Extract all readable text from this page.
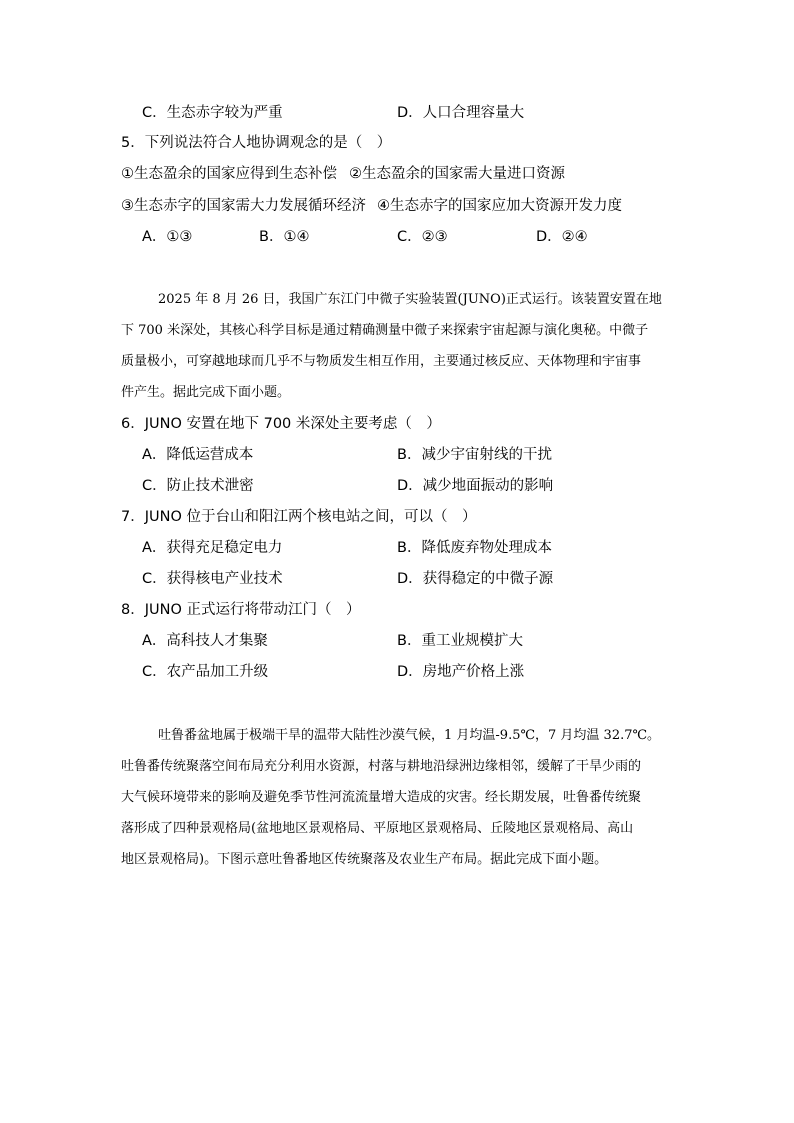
C．生态赤字较为严重	D．人口合理容量大
5．下列说法符合人地协调观念的是（　）
①生态盈余的国家应得到生态补偿 ②生态盈余的国家需大量进口资源
③生态赤字的国家需大力发展循环经济 ④生态赤字的国家应加大资源开发力度
A．①③	B．①④	C．②③	D．②④
2025 年 8 月 26 日，我国广东江门中微子实验装置(JUNO)正式运行。该装置安置在地
下 700 米深处，其核心科学目标是通过精确测量中微子来探索宇宙起源与演化奥秘。中微子
质量极小，可穿越地球而几乎不与物质发生相互作用，主要通过核反应、天体物理和宇宙事
件产生。据此完成下面小题。
6．JUNO 安置在地下 700 米深处主要考虑（　）
A．降低运营成本	B．减少宇宙射线的干扰
C．防止技术泄密	D．减少地面振动的影响
7．JUNO 位于台山和阳江两个核电站之间，可以（　）
A．获得充足稳定电力	B．降低废弃物处理成本
C．获得核电产业技术	D．获得稳定的中微子源
8．JUNO 正式运行将带动江门（　）
A．高科技人才集聚	B．重工业规模扩大
C．农产品加工升级	D．房地产价格上涨
吐鲁番盆地属于极端干旱的温带大陆性沙漠气候，1 月均温-9.5℃，7 月均温 32.7℃。
吐鲁番传统聚落空间布局充分利用水资源，村落与耕地沿绿洲边缘相邻，缓解了干旱少雨的
大气候环境带来的影响及避免季节性河流流量增大造成的灾害。经长期发展，吐鲁番传统聚
落形成了四种景观格局(盆地地区景观格局、平原地区景观格局、丘陵地区景观格局、高山
地区景观格局)。下图示意吐鲁番地区传统聚落及农业生产布局。据此完成下面小题。
